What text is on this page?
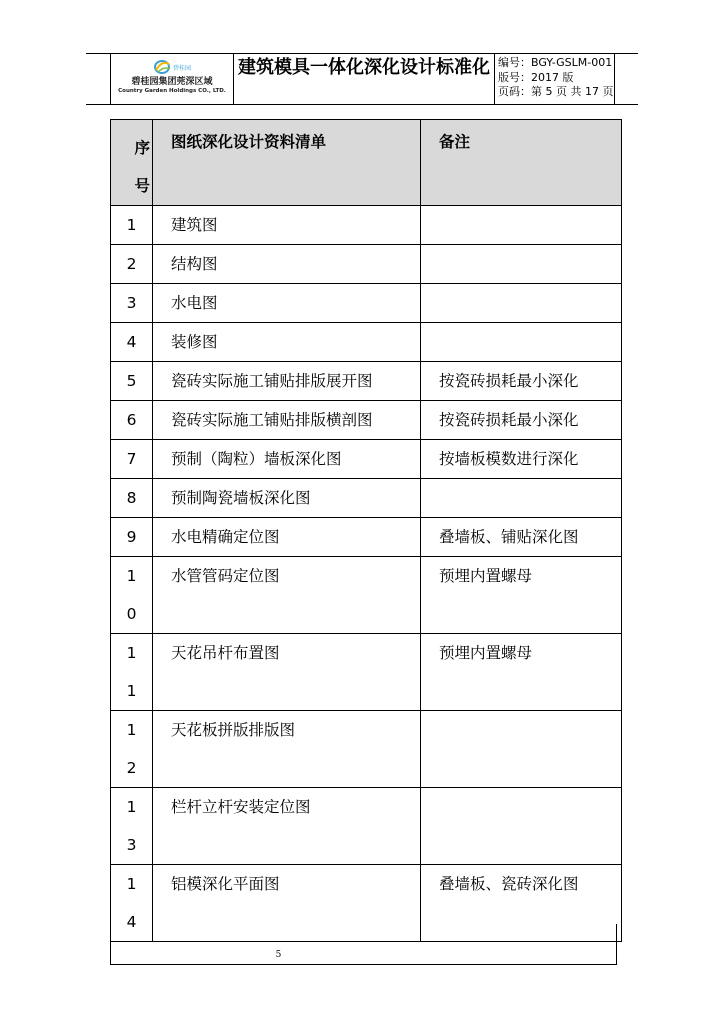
碧桂园
碧桂园集团莞深区域
Country Garden Holdings CO., LTD.
建筑模具一体化深化设计标准化 编号：BGY-GSLM-001
版号：2017 版
页码：第 5 页 共 17 页
序号	图纸深化设计资料清单	备注

1	建筑图	

2	结构图	

3	水电图	

4	装修图	

5	瓷砖实际施工铺贴排版展开图	按瓷砖损耗最小深化

6	瓷砖实际施工铺贴排版横剖图	按瓷砖损耗最小深化

7	预制（陶粒）墙板深化图	按墙板模数进行深化

8	预制陶瓷墙板深化图	

9	水电精确定位图	叠墙板、铺贴深化图

10	水管管码定位图	预埋内置螺母

11	天花吊杆布置图	预埋内置螺母

12	天花板拼版排版图	

13	栏杆立杆安装定位图	

14	铝模深化平面图	叠墙板、瓷砖深化图
5
